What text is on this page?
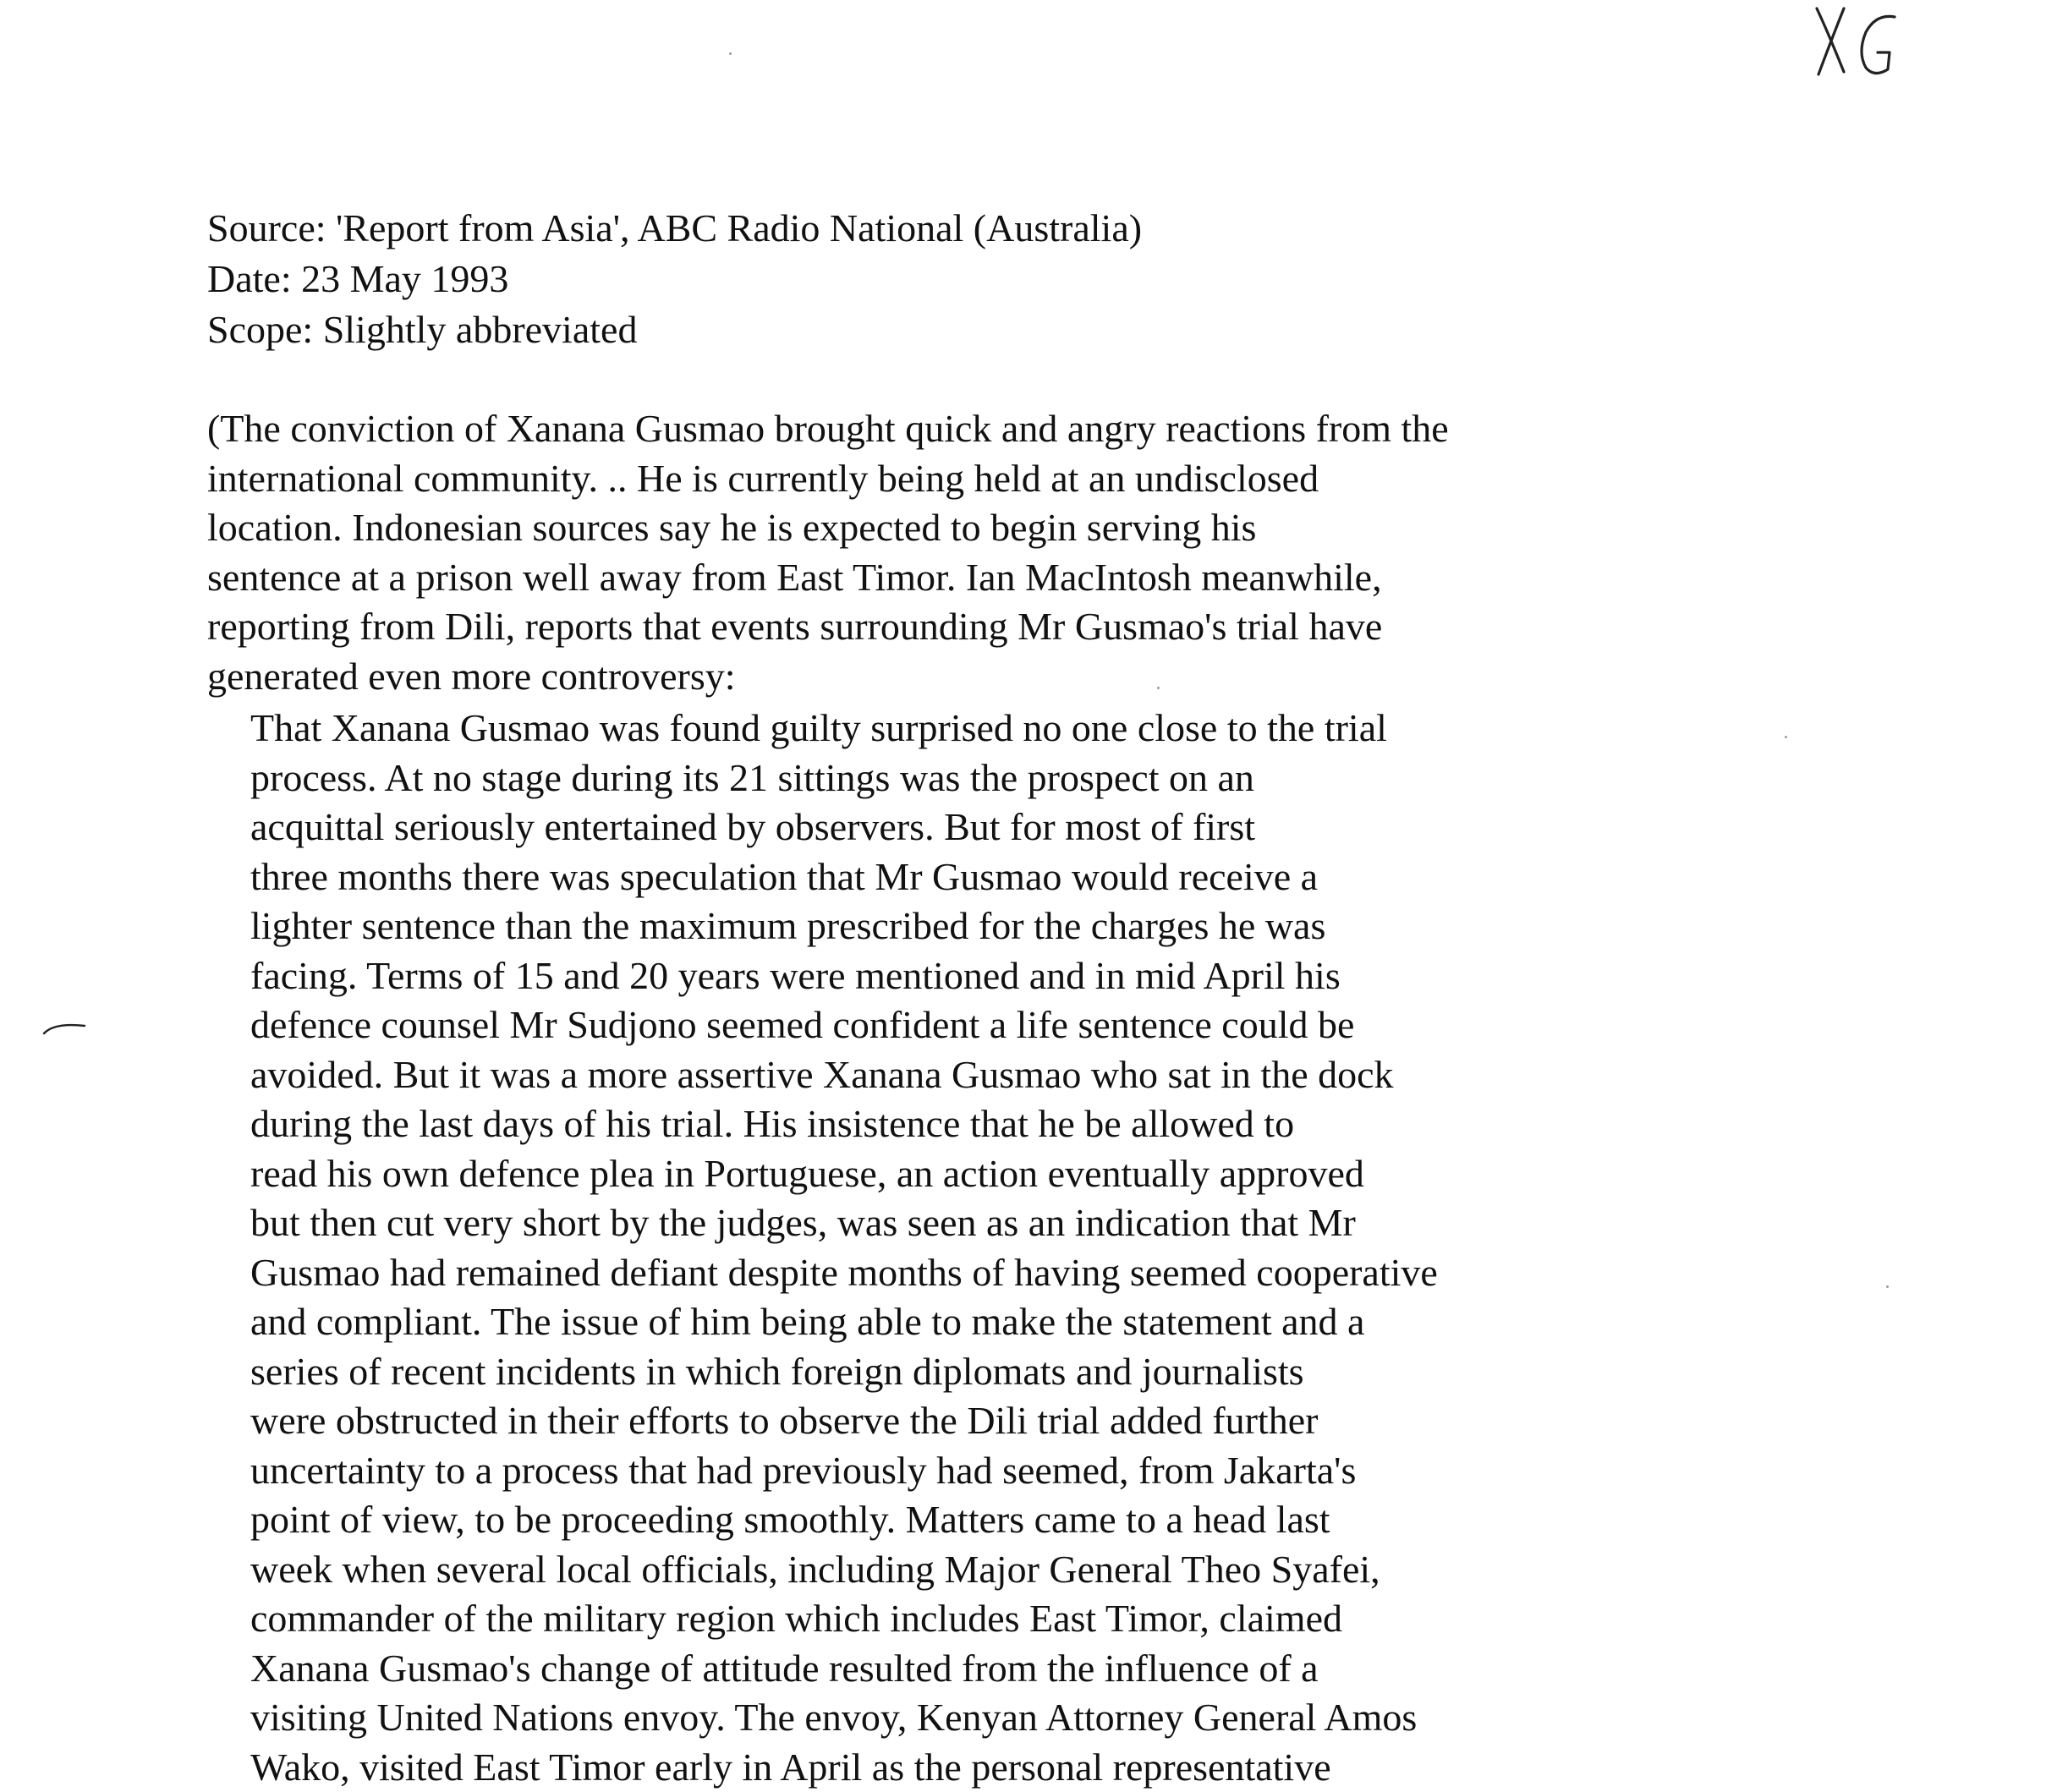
Source: 'Report from Asia', ABC Radio National (Australia)
Date: 23 May 1993
Scope: Slightly abbreviated
(The conviction of Xanana Gusmao brought quick and angry reactions from the
international community. .. He is currently being held at an undisclosed
location. Indonesian sources say he is expected to begin serving his
sentence at a prison well away from East Timor. Ian MacIntosh meanwhile,
reporting from Dili, reports that events surrounding Mr Gusmao's trial have
generated even more controversy:
That Xanana Gusmao was found guilty surprised no one close to the trial
process. At no stage during its 21 sittings was the prospect on an
acquittal seriously entertained by observers. But for most of first
three months there was speculation that Mr Gusmao would receive a
lighter sentence than the maximum prescribed for the charges he was
facing. Terms of 15 and 20 years were mentioned and in mid April his
defence counsel Mr Sudjono seemed confident a life sentence could be
avoided. But it was a more assertive Xanana Gusmao who sat in the dock
during the last days of his trial. His insistence that he be allowed to
read his own defence plea in Portuguese, an action eventually approved
but then cut very short by the judges, was seen as an indication that Mr
Gusmao had remained defiant despite months of having seemed cooperative
and compliant. The issue of him being able to make the statement and a
series of recent incidents in which foreign diplomats and journalists
were obstructed in their efforts to observe the Dili trial added further
uncertainty to a process that had previously had seemed, from Jakarta's
point of view, to be proceeding smoothly. Matters came to a head last
week when several local officials, including Major General Theo Syafei,
commander of the military region which includes East Timor, claimed
Xanana Gusmao's change of attitude resulted from the influence of a
visiting United Nations envoy. The envoy, Kenyan Attorney General Amos
Wako, visited East Timor early in April as the personal representative
